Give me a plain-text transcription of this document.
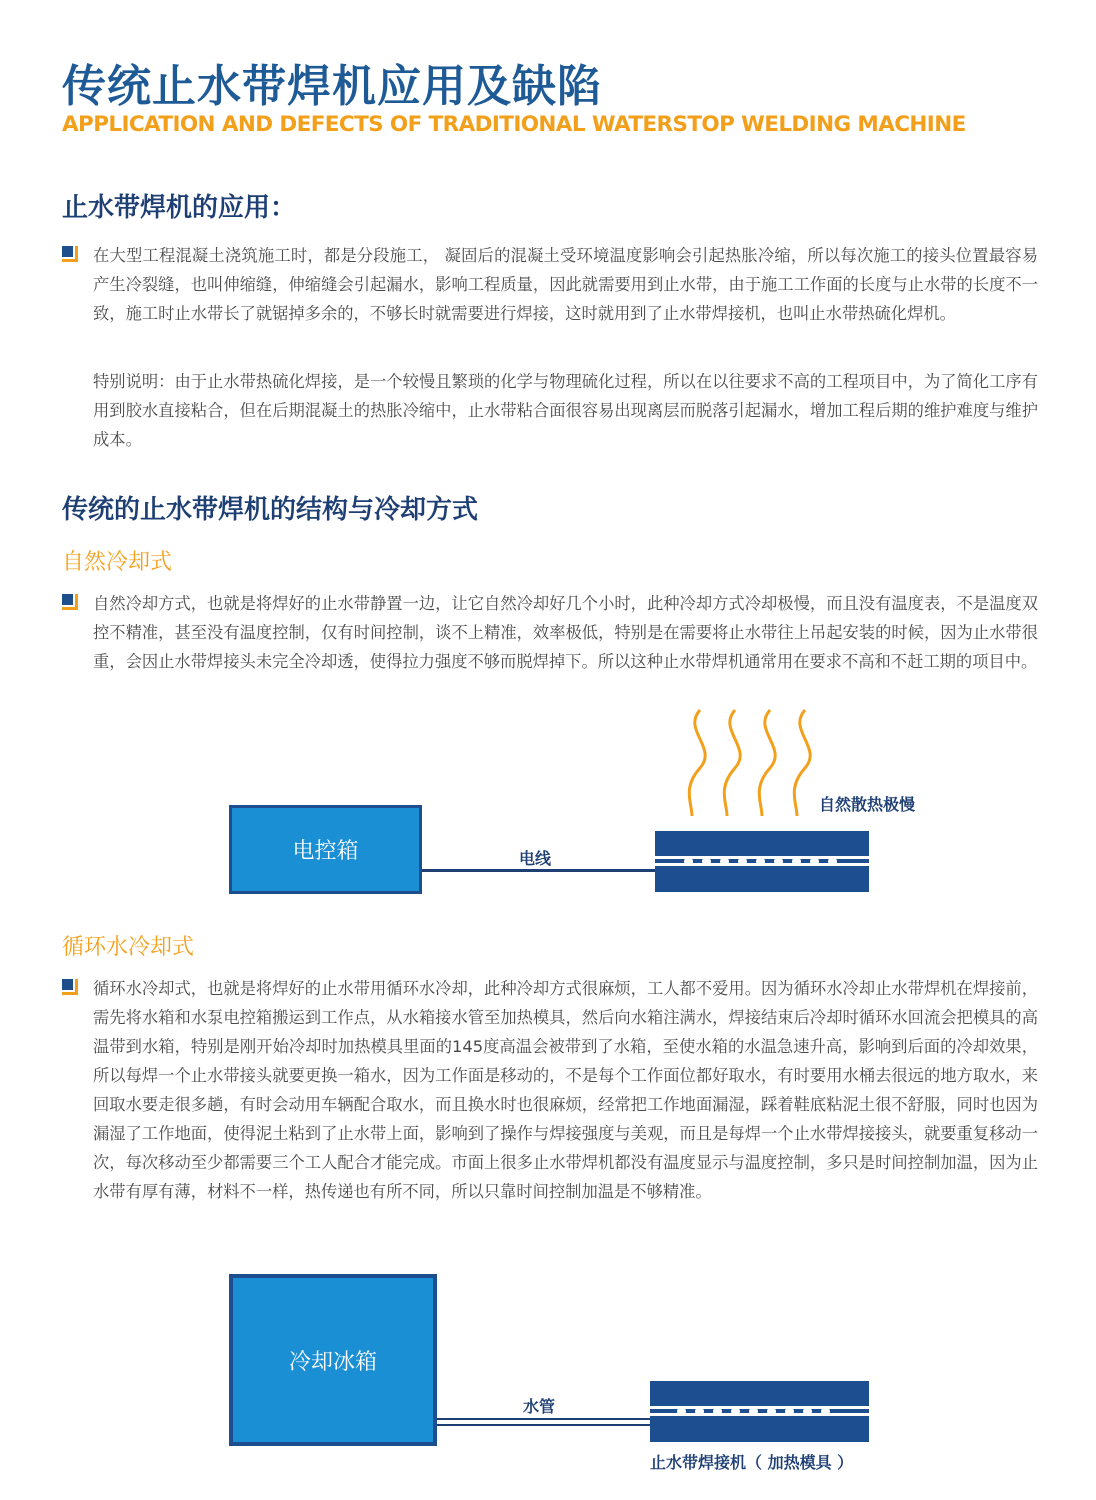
传统止水带焊机应用及缺陷
APPLICATION AND DEFECTS OF TRADITIONAL WATERSTOP WELDING MACHINE
止水带焊机的应用：
在大型工程混凝土浇筑施工时，都是分段施工， 凝固后的混凝土受环境温度影响会引起热胀冷缩，所以每次施工的接头位置最容易产生冷裂缝，也叫伸缩缝，伸缩缝会引起漏水，影响工程质量，因此就需要用到止水带，由于施工工作面的长度与止水带的长度不一致，施工时止水带长了就锯掉多余的，不够长时就需要进行焊接，这时就用到了止水带焊接机，也叫止水带热硫化焊机。
特别说明：由于止水带热硫化焊接，是一个较慢且繁琐的化学与物理硫化过程，所以在以往要求不高的工程项目中，为了简化工序有用到胶水直接粘合，但在后期混凝土的热胀冷缩中，止水带粘合面很容易出现离层而脱落引起漏水，增加工程后期的维护难度与维护成本。
传统的止水带焊机的结构与冷却方式
自然冷却式
自然冷却方式，也就是将焊好的止水带静置一边，让它自然冷却好几个小时，此种冷却方式冷却极慢，而且没有温度表，不是温度双控不精准，甚至没有温度控制，仅有时间控制，谈不上精准，效率极低，特别是在需要将止水带往上吊起安装的时候，因为止水带很重，会因止水带焊接头未完全冷却透，使得拉力强度不够而脱焊掉下。所以这种止水带焊机通常用在要求不高和不赶工期的项目中。
自然散热极慢
电控箱	电线
循环水冷却式
循环水冷却式，也就是将焊好的止水带用循环水冷却，此种冷却方式很麻烦，工人都不爱用。因为循环水冷却止水带焊机在焊接前，需先将水箱和水泵电控箱搬运到工作点，从水箱接水管至加热模具，然后向水箱注满水，焊接结束后冷却时循环水回流会把模具的高温带到水箱，特别是刚开始冷却时加热模具里面的145度高温会被带到了水箱，至使水箱的水温急速升高，影响到后面的冷却效果，所以每焊一个止水带接头就要更换一箱水，因为工作面是移动的，不是每个工作面位都好取水，有时要用水桶去很远的地方取水，来回取水要走很多趟，有时会动用车辆配合取水，而且换水时也很麻烦，经常把工作地面漏湿，踩着鞋底粘泥土很不舒服，同时也因为漏湿了工作地面，使得泥土粘到了止水带上面，影响到了操作与焊接强度与美观，而且是每焊一个止水带焊接接头，就要重复移动一次，每次移动至少都需要三个工人配合才能完成。市面上很多止水带焊机都没有温度显示与温度控制，多只是时间控制加温，因为止水带有厚有薄，材料不一样，热传递也有所不同，所以只靠时间控制加温是不够精准。
冷却冰箱
水管
止水带焊接机（ 加热模具 ）
